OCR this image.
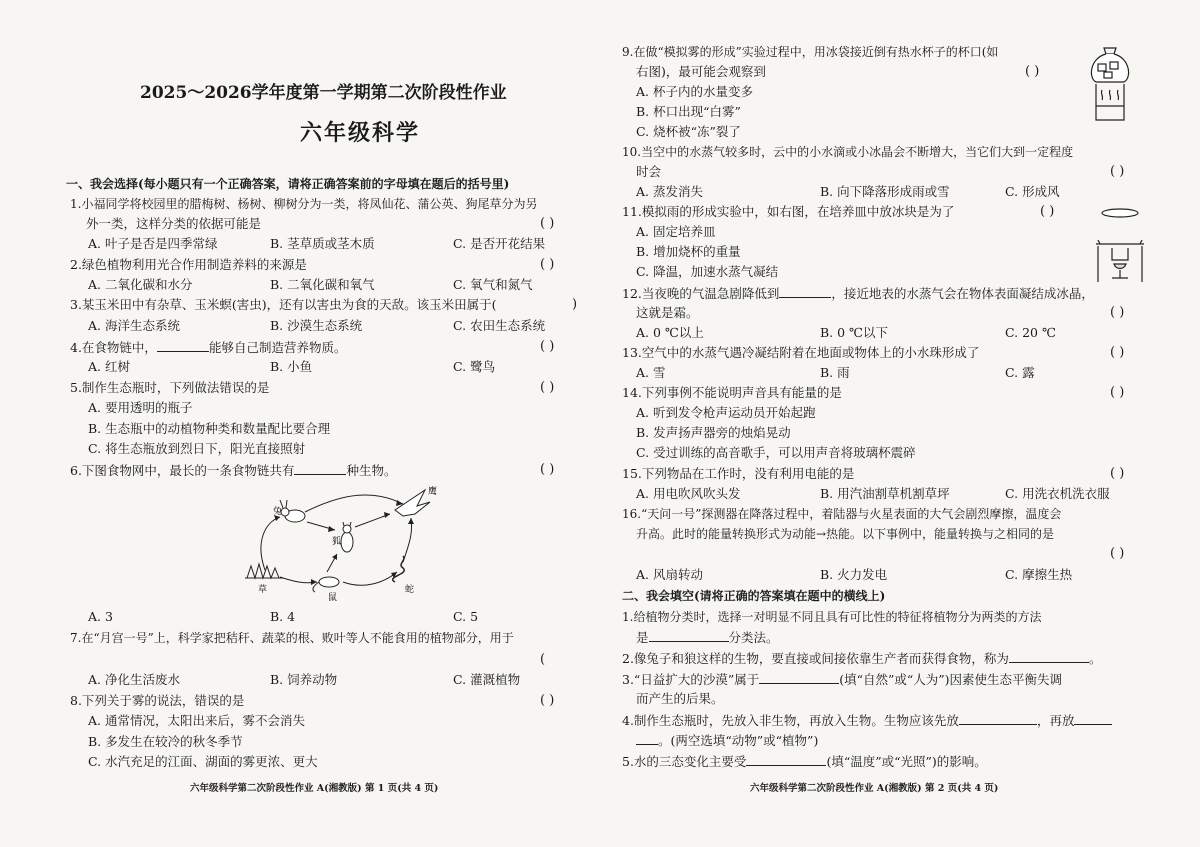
2025～2026学年度第一学期第二次阶段性作业
六年级科学
一、我会选择(每小题只有一个正确答案，请将正确答案前的字母填在题后的括号里)
1.小福同学将校园里的腊梅树、杨树、柳树分为一类，将凤仙花、蒲公英、狗尾草分为另
外一类，这样分类的依据可能是	( )
A. 叶子是否是四季常绿	B. 茎草质或茎木质	C. 是否开花结果
2.绿色植物利用光合作用制造养料的来源是	( )
A. 二氧化碳和水分	B. 二氧化碳和氧气	C. 氧气和氮气
3.某玉米田中有杂草、玉米螟(害虫)，还有以害虫为食的天敌。该玉米田属于(	)
A. 海洋生态系统	B. 沙漠生态系统	C. 农田生态系统
4.在食物链中，	能够自己制造营养物质。	( )
A. 红树	B. 小鱼	C. 鹭鸟
5.制作生态瓶时，下列做法错误的是	( )
A. 要用透明的瓶子
B. 生态瓶中的动植物种类和数量配比要合理
C. 将生态瓶放到烈日下，阳光直接照射
6.下图食物网中，最长的一条食物链共有	种生物。	( )
兔
狐
鹰
草
鼠
蛇
A. 3	B. 4	C. 5
7.在“月宫一号”上，科学家把秸秆、蔬菜的根、败叶等人不能食用的植物部分，用于
(
A. 净化生活废水	B. 饲养动物	C. 灌溉植物
8.下列关于雾的说法，错误的是	( )
A. 通常情况，太阳出来后，雾不会消失
B. 多发生在较冷的秋冬季节
C. 水汽充足的江面、湖面的雾更浓、更大
六年级科学第二次阶段性作业 A(湘教版) 第 1 页(共 4 页)
9.在做“模拟雾的形成”实验过程中，用冰袋接近倒有热水杯子的杯口(如
右图)，最可能会观察到	( )
A. 杯子内的水量变多
B. 杯口出现“白雾”
C. 烧杯被“冻”裂了
10.当空中的水蒸气较多时，云中的小水滴或小冰晶会不断增大，当它们大到一定程度
时会	( )
A. 蒸发消失	B. 向下降落形成雨或雪	C. 形成风
11.模拟雨的形成实验中，如右图，在培养皿中放冰块是为了	( )
A. 固定培养皿
B. 增加烧杯的重量
C. 降温，加速水蒸气凝结
12.当夜晚的气温急剧降低到	，接近地表的水蒸气会在物体表面凝结成冰晶，
这就是霜。	( )
A. 0 ℃以上	B. 0 ℃以下	C. 20 ℃
13.空气中的水蒸气遇冷凝结附着在地面或物体上的小水珠形成了	( )
A. 雪	B. 雨	C. 露
14.下列事例不能说明声音具有能量的是	( )
A. 听到发令枪声运动员开始起跑
B. 发声扬声器旁的烛焰晃动
C. 受过训练的高音歌手，可以用声音将玻璃杯震碎
15.下列物品在工作时，没有利用电能的是	( )
A. 用电吹风吹头发	B. 用汽油割草机割草坪	C. 用洗衣机洗衣服
16.“天问一号”探测器在降落过程中，着陆器与火星表面的大气会剧烈摩擦，温度会
升高。此时的能量转换形式为动能→热能。以下事例中，能量转换与之相同的是
( )
A. 风扇转动	B. 火力发电	C. 摩擦生热
二、我会填空(请将正确的答案填在题中的横线上)
1.给植物分类时，选择一对明显不同且具有可比性的特征将植物分为两类的方法
是	分类法。
2.像兔子和狼这样的生物，要直接或间接依靠生产者而获得食物，称为	。
3.“日益扩大的沙漠”属于	(填“自然”或“人为”)因素使生态平衡失调
而产生的后果。
4.制作生态瓶时，先放入非生物，再放入生物。生物应该先放	，再放
。(两空选填“动物”或“植物”)
5.水的三态变化主要受	(填“温度”或“光照”)的影响。
六年级科学第二次阶段性作业 A(湘教版) 第 2 页(共 4 页)
